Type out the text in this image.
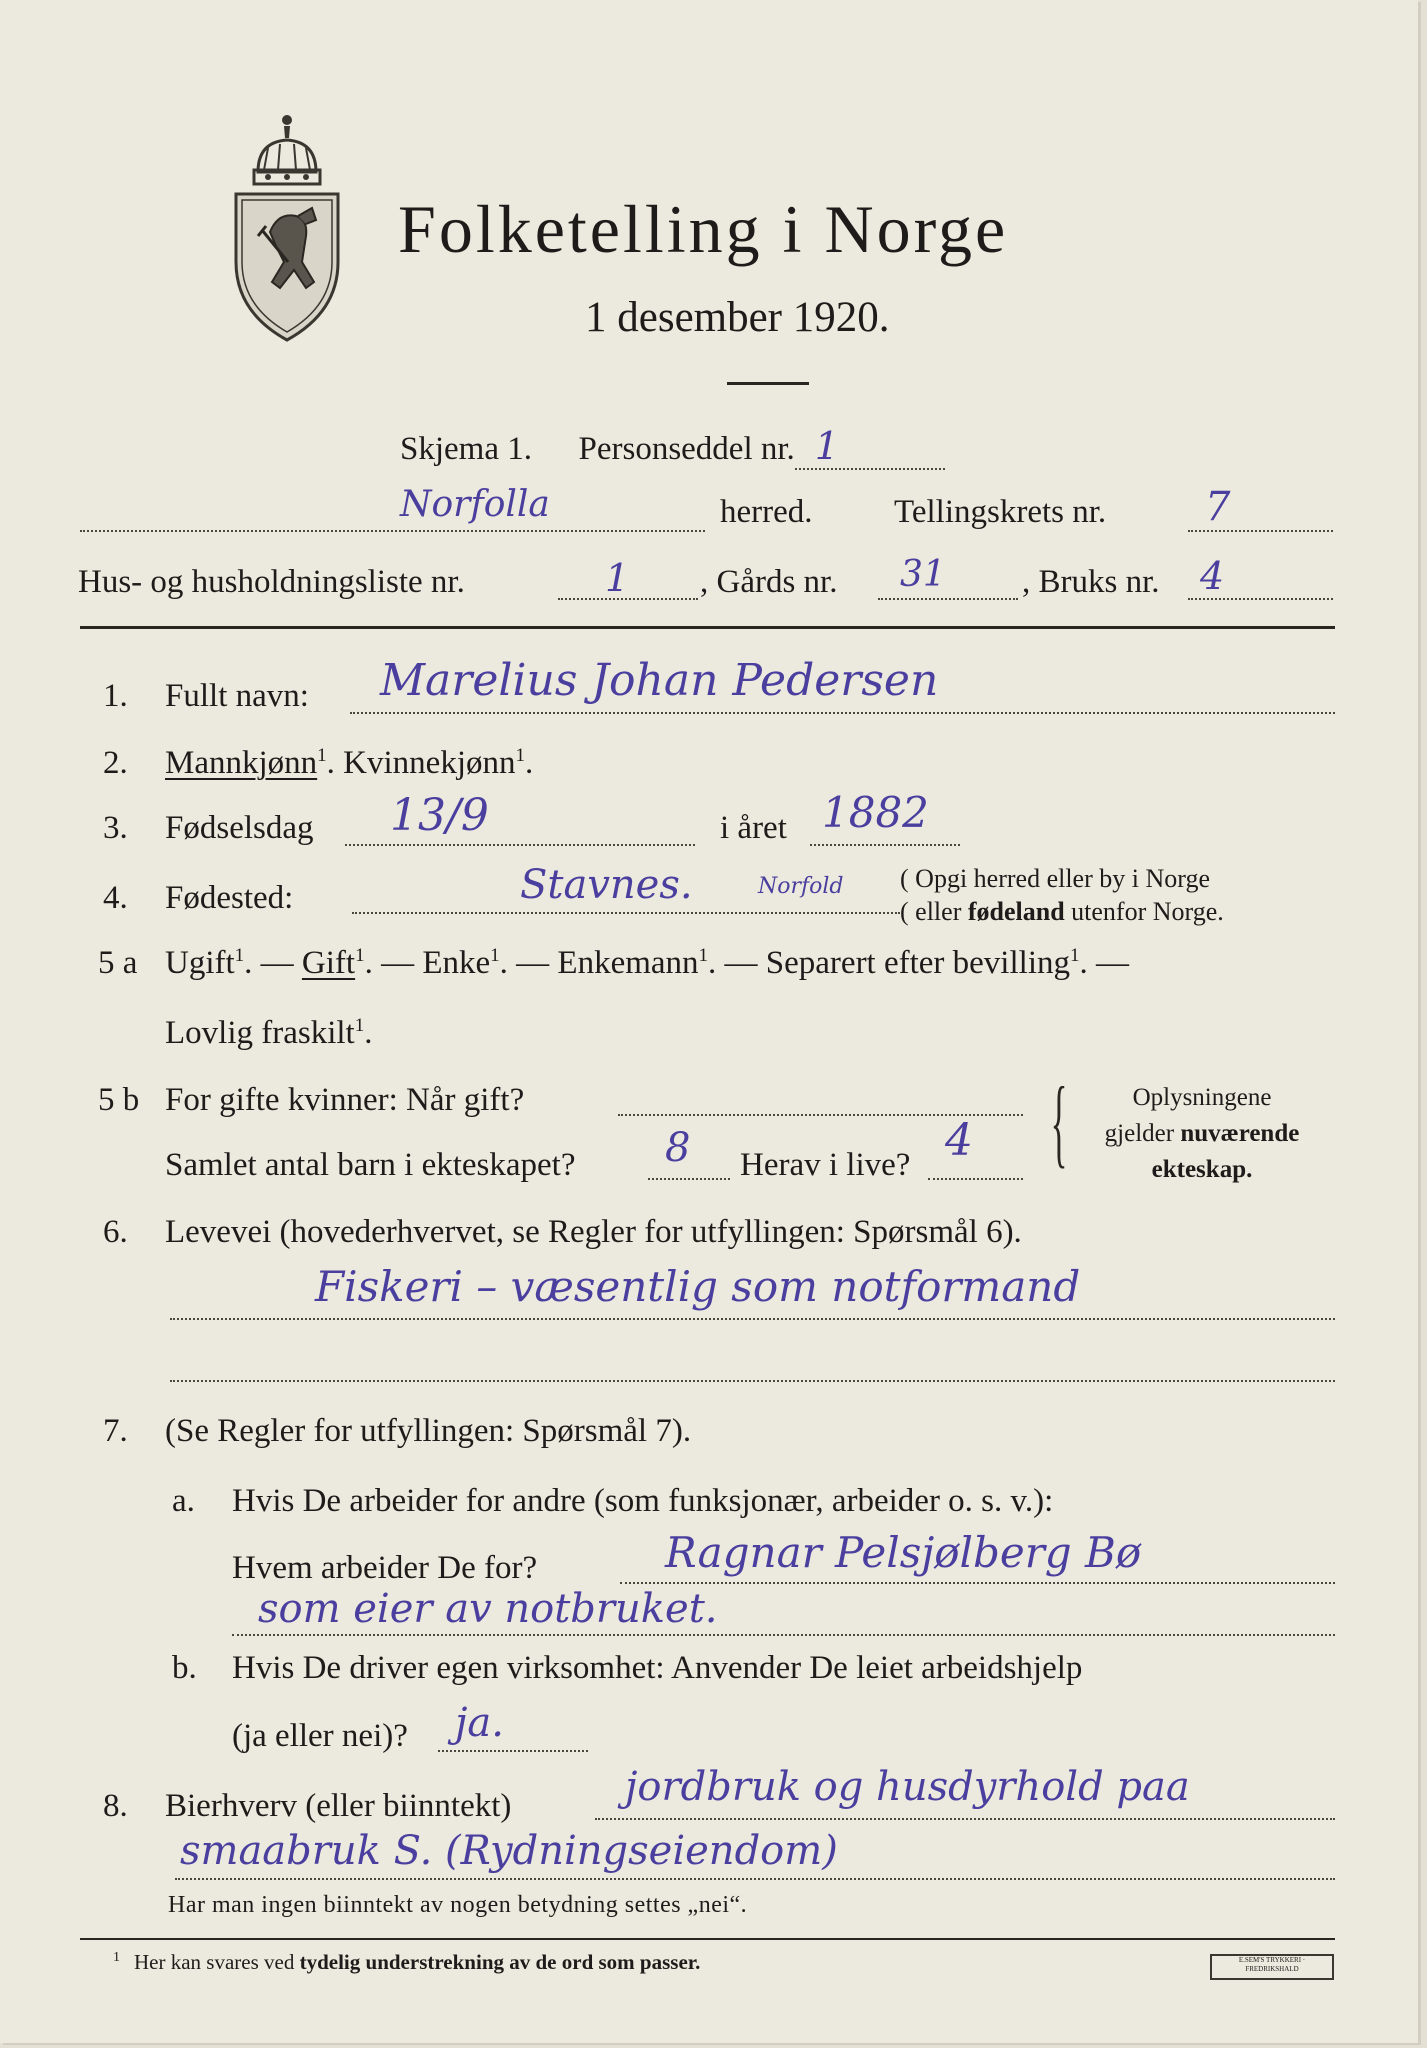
Folketelling i Norge
1 desember 1920.
Skjema 1. Personseddel nr. 1
Norfolla	herred. Tellingskrets nr. 7
Hus- og husholdningsliste nr.	1 , Gårds nr. 31 , Bruks nr. 4
1. Fullt navn: Marelius Johan Pedersen
2. Mannkjønn$^1$. Kvinnekjønn$^1$.
3. Fødselsdag 13/9	i året 1882
4. Fødested:	Stavnes.	Norfold ( Opgi herred eller by i Norge
( eller fødeland utenfor Norge.
5 a Ugift$^1$. — Gift$^1$. — Enke$^1$. — Enkemann$^1$. — Separert efter bevilling$^1$. —
Lovlig fraskilt$^1$.
5 b For gifte kvinner: Når gift?
Samlet antal barn i ekteskapet? 8 Herav i live? 4 {	Oplysningene
gjelder nuværende
ekteskap.
6. Levevei (hovederhvervet, se Regler for utfyllingen: Spørsmål 6).
Fiskeri – væsentlig som notformand
7. (Se Regler for utfyllingen: Spørsmål 7).
a. Hvis De arbeider for andre (som funksjonær, arbeider o. s. v.):
Hvem arbeider De for?	Ragnar Pelsjølberg Bø
som eier av notbruket.
b. Hvis De driver egen virksomhet: Anvender De leiet arbeidshjelp
(ja eller nei)? ja.
8. Bierhverv (eller biinntekt)	jordbruk og husdyrhold paa
smaabruk S. (Rydningseiendom)
Har man ingen biinntekt av nogen betydning settes „nei“.
$^1$ Her kan svares ved tydelig understrekning av de ord som passer.	E.SEM'S TRYKKERI · FREDRIKSHALD
